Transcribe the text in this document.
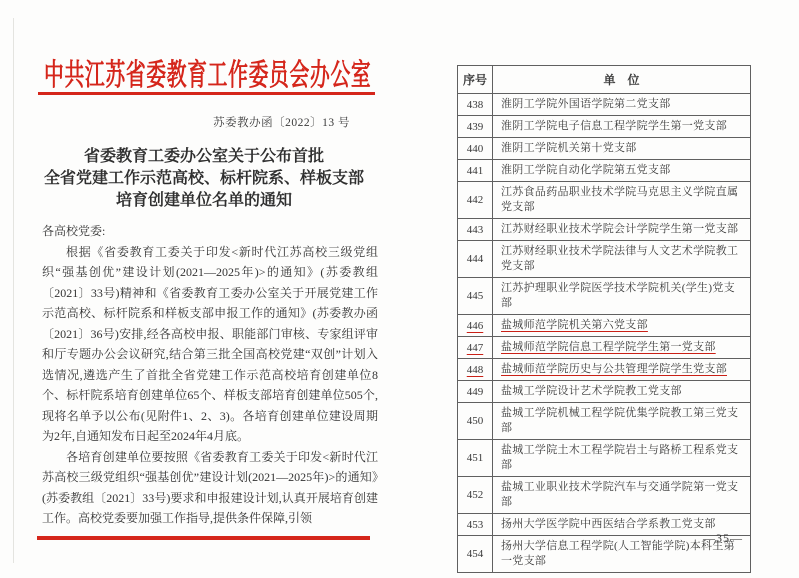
中共江苏省委教育工作委员会办公室
苏委教办函〔2022〕13 号
省委教育工委办公室关于公布首批
全省党建工作示范高校、标杆院系、样板支部
培育创建单位名单的通知

各高校党委:

根据《省委教育工委关于印发<新时代江苏高校三级党组织“强基创优”建设计划(2021—2025年)>的通知》(苏委教组〔2021〕33号)精神和《省委教育工委办公室关于开展党建工作示范高校、标杆院系和样板支部申报工作的通知》(苏委教办函〔2021〕36号)安排,经各高校申报、职能部门审核、专家组评审和厅专题办公会议研究,结合第三批全国高校党建“双创”计划入选情况,遴选产生了首批全省党建工作示范高校培育创建单位8个、标杆院系培育创建单位65个、样板支部培育创建单位505个,现将名单予以公布(见附件1、2、3)。各培育创建单位建设周期为2年,自通知发布日起至2024年4月底。

各培育创建单位要按照《省委教育工委关于印发<新时代江苏高校三级党组织“强基创优”建设计划(2021—2025年)>的通知》(苏委教组〔2021〕33号)要求和申报建设计划,认真开展培育创建工作。高校党委要加强工作指导,提供条件保障,引领

序号	单　位
438	淮阴工学院外国语学院第二党支部
439	淮阴工学院电子信息工程学院学生第一党支部
440	淮阴工学院机关第十党支部
441	淮阴工学院自动化学院第五党支部
442	江苏食品药品职业技术学院马克思主义学院直属党支部
443	江苏财经职业技术学院会计学院学生第一党支部
444	江苏财经职业技术学院法律与人文艺术学院教工党支部
445	江苏护理职业学院医学技术学院机关(学生)党支部
446	盐城师范学院机关第六党支部
447	盐城师范学院信息工程学院学生第一党支部
448	盐城师范学院历史与公共管理学院学生党支部
449	盐城工学院设计艺术学院教工党支部
450	盐城工学院机械工程学院优集学院教工第三党支部
451	盐城工学院土木工程学院岩土与路桥工程系党支部
452	盐城工业职业技术学院汽车与交通学院第一党支部
453	扬州大学医学院中西医结合学系教工党支部
454	扬州大学信息工程学院(人工智能学院)本科生第一党支部
—35—
